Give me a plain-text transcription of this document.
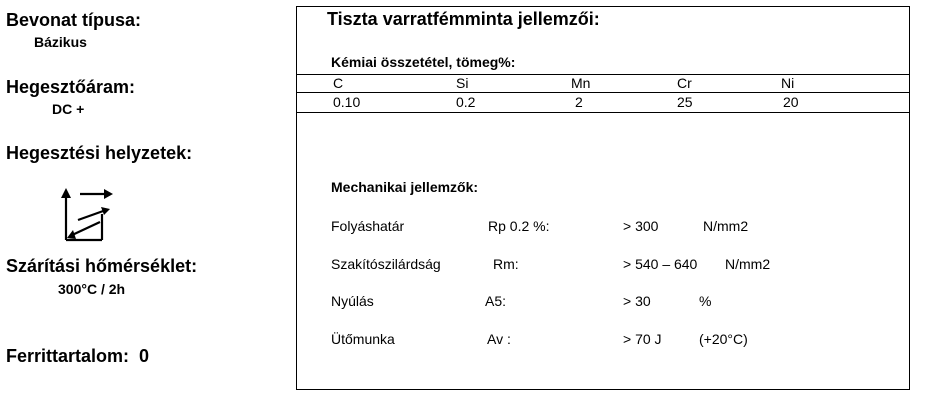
Bevonat típusa:
Bázikus
Hegesztőáram:
DC +
Hegesztési helyzetek:
Szárítási hőmérséklet:
300°C / 2h
Ferrittartalom: 0
Tiszta varratfémminta jellemzői:
Kémiai összetétel, tömeg%:
C	Si	Mn	Cr	Ni
0.10	0.2	2	25	20
Mechanikai jellemzők:
Folyáshatár	Rp 0.2 %:	> 300	N/mm2
Szakítószilárdság	Rm:	> 540 – 640 N/mm2
Nyúlás	A5:	> 30	%
Ütőmunka	Av :	> 70 J	(+20°C)
